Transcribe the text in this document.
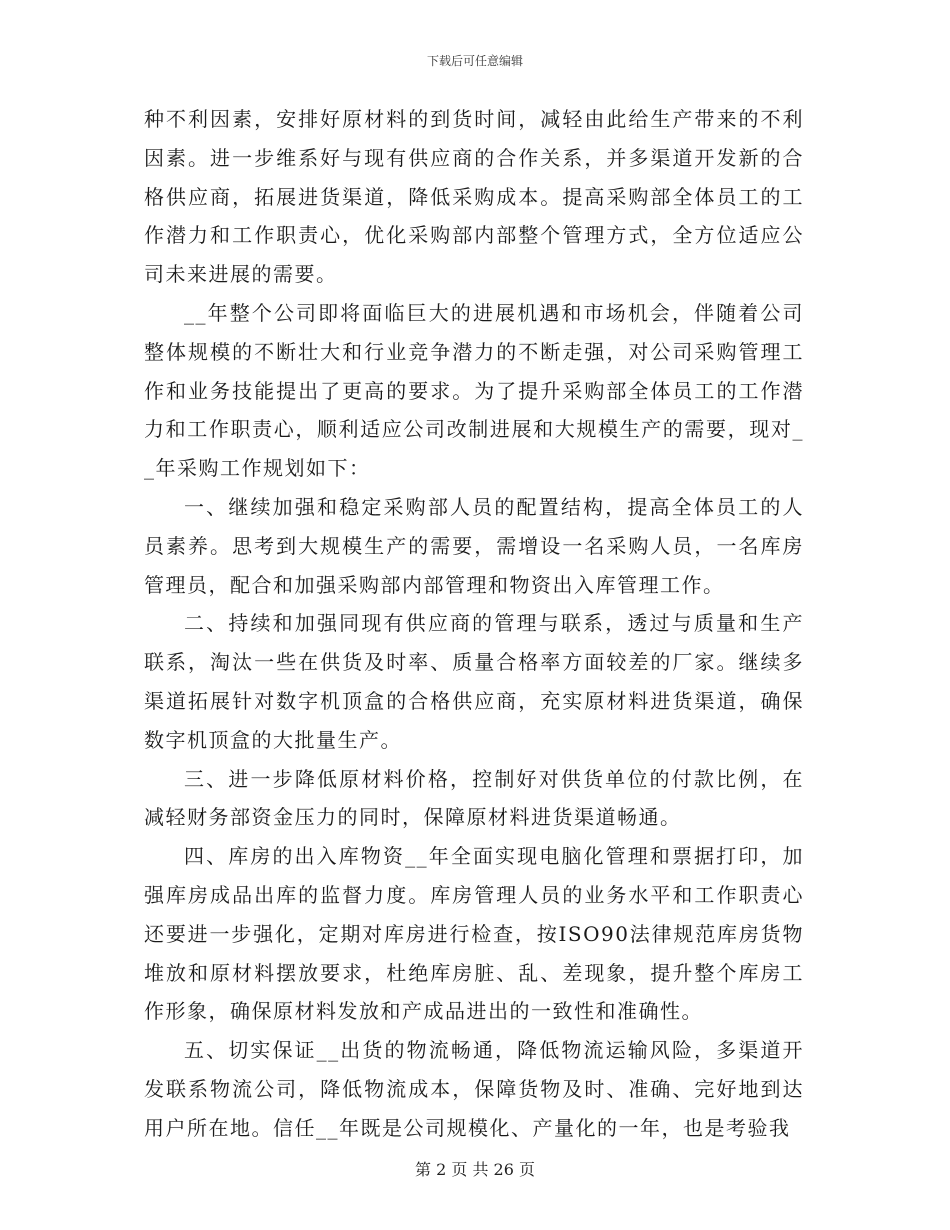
下载后可任意编辑

种不利因素，安排好原材料的到货时间，减轻由此给生产带来的不利因素。进一步维系好与现有供应商的合作关系，并多渠道开发新的合格供应商，拓展进货渠道，降低采购成本。提高采购部全体员工的工作潜力和工作职责心，优化采购部内部整个管理方式，全方位适应公司未来进展的需要。

__年整个公司即将面临巨大的进展机遇和市场机会，伴随着公司整体规模的不断壮大和行业竞争潜力的不断走强，对公司采购管理工作和业务技能提出了更高的要求。为了提升采购部全体员工的工作潜力和工作职责心，顺利适应公司改制进展和大规模生产的需要，现对__年采购工作规划如下：

一、继续加强和稳定采购部人员的配置结构，提高全体员工的人员素养。思考到大规模生产的需要，需增设一名采购人员，一名库房管理员，配合和加强采购部内部管理和物资出入库管理工作。

二、持续和加强同现有供应商的管理与联系，透过与质量和生产联系，淘汰一些在供货及时率、质量合格率方面较差的厂家。继续多渠道拓展针对数字机顶盒的合格供应商，充实原材料进货渠道，确保数字机顶盒的大批量生产。

三、进一步降低原材料价格，控制好对供货单位的付款比例，在减轻财务部资金压力的同时，保障原材料进货渠道畅通。

四、库房的出入库物资__年全面实现电脑化管理和票据打印，加强库房成品出库的监督力度。库房管理人员的业务水平和工作职责心还要进一步强化，定期对库房进行检查，按ISO90法律规范库房货物堆放和原材料摆放要求，杜绝库房脏、乱、差现象，提升整个库房工作形象，确保原材料发放和产成品进出的一致性和准确性。

五、切实保证__出货的物流畅通，降低物流运输风险，多渠道开发联系物流公司，降低物流成本，保障货物及时、准确、完好地到达用户所在地。信任__年既是公司规模化、产量化的一年，也是考验我

第 2 页 共 26 页
